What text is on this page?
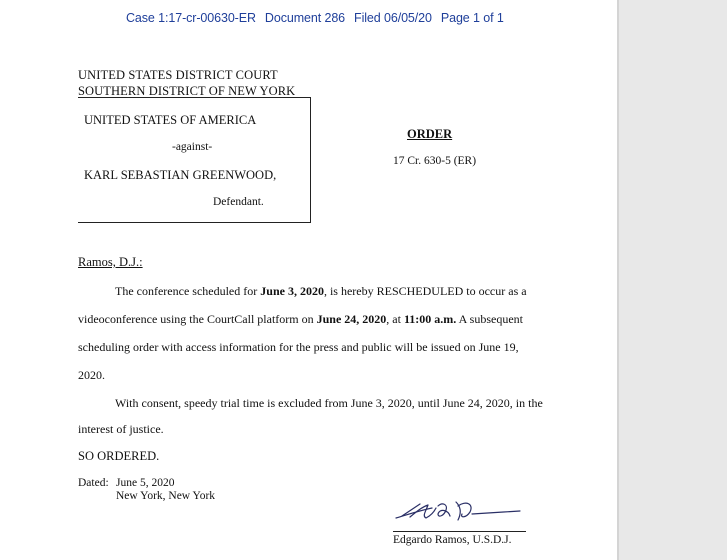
Case 1:17-cr-00630-ER Document 286 Filed 06/05/20 Page 1 of 1
UNITED STATES DISTRICT COURT
SOUTHERN DISTRICT OF NEW YORK
UNITED STATES OF AMERICA
-against-
KARL SEBASTIAN GREENWOOD,
Defendant.
ORDER
17 Cr. 630-5 (ER)
Ramos, D.J.:
The conference scheduled for June 3, 2020, is hereby RESCHEDULED to occur as a
videoconference using the CourtCall platform on June 24, 2020, at 11:00 a.m. A subsequent
scheduling order with access information for the press and public will be issued on June 19,
2020.
With consent, speedy trial time is excluded from June 3, 2020, until June 24, 2020, in the
interest of justice.
SO ORDERED.
Dated: June 5, 2020
New York, New York
Edgardo Ramos, U.S.D.J.
